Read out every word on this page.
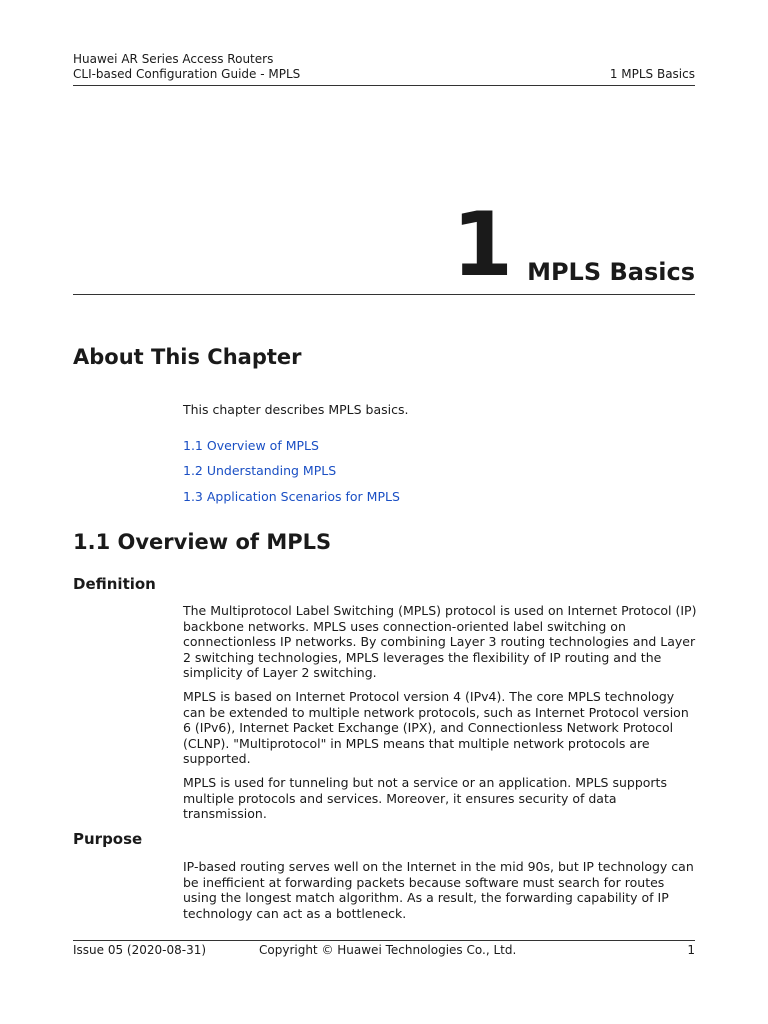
Huawei AR Series Access Routers
CLI-based Configuration Guide - MPLS	1 MPLS Basics
1 MPLS Basics
About This Chapter
This chapter describes MPLS basics.
1.1 Overview of MPLS
1.2 Understanding MPLS
1.3 Application Scenarios for MPLS
1.1 Overview of MPLS
Definition

The Multiprotocol Label Switching (MPLS) protocol is used on Internet Protocol (IP) backbone networks. MPLS uses connection-oriented label switching on connectionless IP networks. By combining Layer 3 routing technologies and Layer 2 switching technologies, MPLS leverages the flexibility of IP routing and the simplicity of Layer 2 switching.

MPLS is based on Internet Protocol version 4 (IPv4). The core MPLS technology can be extended to multiple network protocols, such as Internet Protocol version 6 (IPv6), Internet Packet Exchange (IPX), and Connectionless Network Protocol (CLNP). "Multiprotocol" in MPLS means that multiple network protocols are supported.

MPLS is used for tunneling but not a service or an application. MPLS supports multiple protocols and services. Moreover, it ensures security of data transmission.

Purpose

IP-based routing serves well on the Internet in the mid 90s, but IP technology can be inefficient at forwarding packets because software must search for routes using the longest match algorithm. As a result, the forwarding capability of IP technology can act as a bottleneck.

Issue 05 (2020-08-31)	Copyright © Huawei Technologies Co., Ltd.	1
